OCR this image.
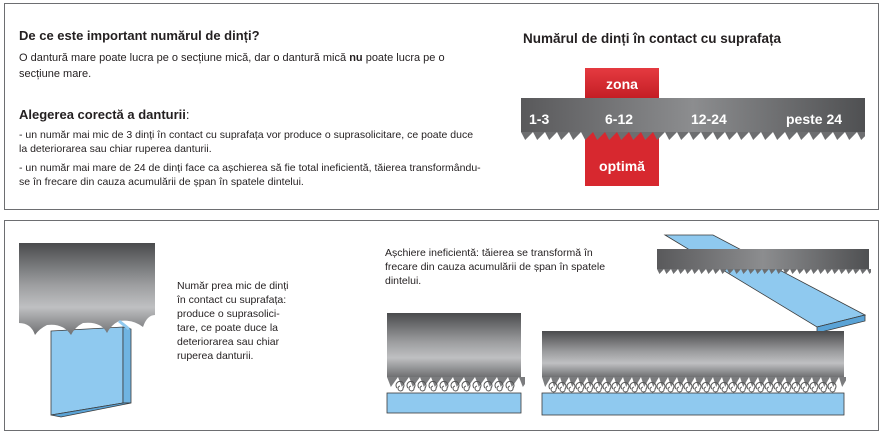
De ce este important numărul de dinți?
O dantură mare poate lucra pe o secțiune mică, dar o dantură mică nu poate lucra pe o secțiune mare.
Alegerea corectă a danturii:
- un număr mai mic de 3 dinți în contact cu suprafața vor produce o suprasolicitare, ce poate duce la deteriorarea sau chiar ruperea danturii.
- un număr mai mare de 24 de dinți face ca așchierea să fie total ineficientă, tăierea transformându-se în frecare din cauza acumulării de șpan în spatele dintelui.
Numărul de dinți în contact cu suprafața
zona
optimă
1-3	6-12	12-24	peste 24
Număr prea mic de dinți
în contact cu suprafața:
produce o suprasolici-
tare, ce poate duce la
deteriorarea sau chiar
ruperea danturii.
Așchiere ineficientă: tăierea se transformă în
frecare din cauza acumulării de șpan în spatele
dintelui.
